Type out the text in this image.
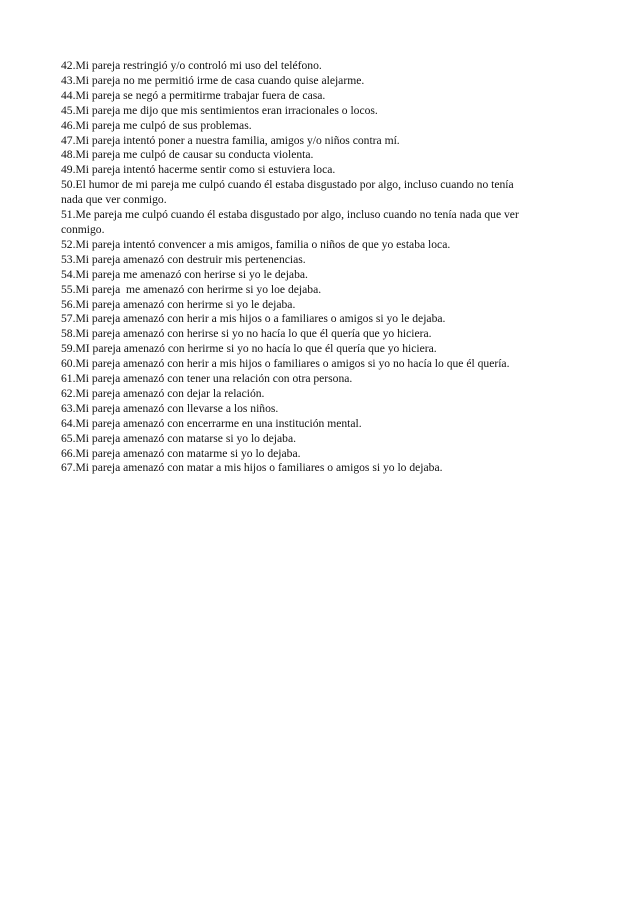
42.Mi pareja restringió y/o controló mi uso del teléfono.
43.Mi pareja no me permitió irme de casa cuando quise alejarme.
44.Mi pareja se negó a permitirme trabajar fuera de casa.
45.Mi pareja me dijo que mis sentimientos eran irracionales o locos.
46.Mi pareja me culpó de sus problemas.
47.Mi pareja intentó poner a nuestra familia, amigos y/o niños contra mí.
48.Mi pareja me culpó de causar su conducta violenta.
49.Mi pareja intentó hacerme sentir como si estuviera loca.
50.El humor de mi pareja me culpó cuando él estaba disgustado por algo, incluso cuando no tenía
nada que ver conmigo.
51.Me pareja me culpó cuando él estaba disgustado por algo, incluso cuando no tenía nada que ver
conmigo.
52.Mi pareja intentó convencer a mis amigos, familia o niños de que yo estaba loca.
53.Mi pareja amenazó con destruir mis pertenencias.
54.Mi pareja me amenazó con herirse si yo le dejaba.
55.Mi pareja  me amenazó con herirme si yo loe dejaba.
56.Mi pareja amenazó con herirme si yo le dejaba.
57.Mi pareja amenazó con herir a mis hijos o a familiares o amigos si yo le dejaba.
58.Mi pareja amenazó con herirse si yo no hacía lo que él quería que yo hiciera.
59.MI pareja amenazó con herirme si yo no hacía lo que él quería que yo hiciera.
60.Mi pareja amenazó con herir a mis hijos o familiares o amigos si yo no hacía lo que él quería.
61.Mi pareja amenazó con tener una relación con otra persona.
62.Mi pareja amenazó con dejar la relación.
63.Mi pareja amenazó con llevarse a los niños.
64.Mi pareja amenazó con encerrarme en una institución mental.
65.Mi pareja amenazó con matarse si yo lo dejaba.
66.Mi pareja amenazó con matarme si yo lo dejaba.
67.Mi pareja amenazó con matar a mis hijos o familiares o amigos si yo lo dejaba.
